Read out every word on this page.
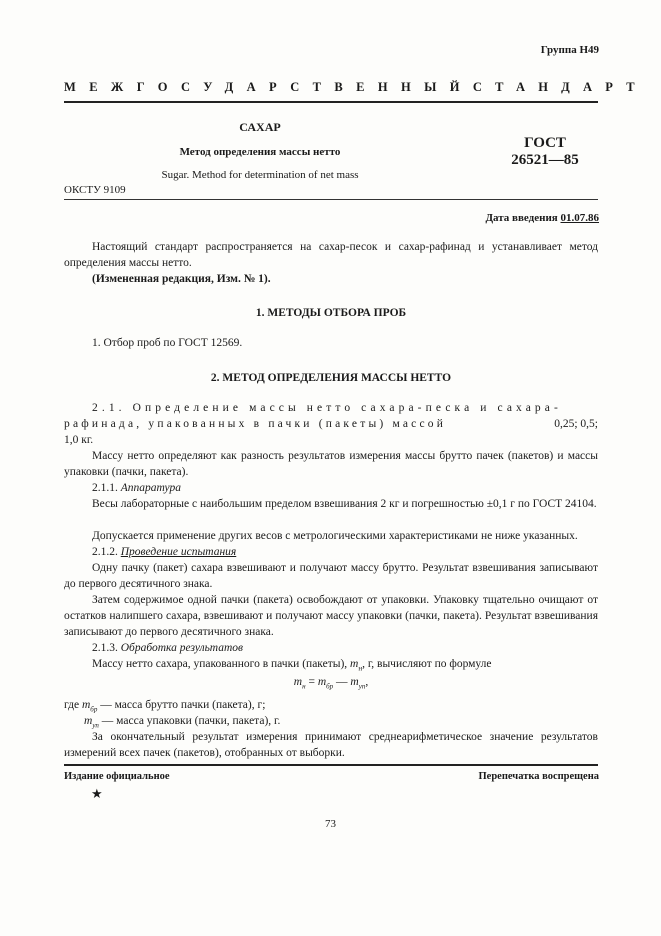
Группа Н49
МЕЖГОСУДАРСТВЕННЫЙ СТАНДАРТ
САХАР
Метод определения массы нетто
Sugar. Method for determination of net mass
ГОСТ
26521—85
ОКСТУ 9109
Дата введения 01.07.86
Настоящий стандарт распространяется на сахар-песок и сахар-рафинад и устанавливает метод определения массы нетто.
(Измененная редакция, Изм. № 1).
1. МЕТОДЫ ОТБОРА ПРОБ
1. Отбор проб по ГОСТ 12569.
2. МЕТОД ОПРЕДЕЛЕНИЯ МАССЫ НЕТТО
2.1. Определение массы нетто сахара-песка и сахара-
рафинада, упакованных в пачки (пакеты) массой	0,25; 0,5;
1,0 кг.
Массу нетто определяют как разность результатов измерения массы брутто пачек (пакетов) и массы упаковки (пачки, пакета).
2.1.1. Аппаратура
Весы лабораторные с наибольшим пределом взвешивания 2 кг и погрешностью ±0,1 г по ГОСТ 24104.
Допускается применение других весов с метрологическими характеристиками не ниже указанных.
2.1.2. Проведение испытания
Одну пачку (пакет) сахара взвешивают и получают массу брутто. Результат взвешивания записывают до первого десятичного знака.
Затем содержимое одной пачки (пакета) освобождают от упаковки. Упаковку тщательно очищают от остатков налипшего сахара, взвешивают и получают массу упаковки (пачки, пакета). Результат взвешивания записывают до первого десятичного знака.
2.1.3. Обработка результатов
Массу нетто сахара, упакованного в пачки (пакеты), $m_н$, г, вычисляют по формуле
$m_н = m_{бр}$ — $m_{уп}$,
где $m_{бр}$ — масса брутто пачки (пакета), г;
$m_{уп}$ — масса упаковки (пачки, пакета), г.
За окончательный результат измерения принимают среднеарифметическое значение результатов измерений всех пачек (пакетов), отобранных от выборки.
73
Издание официальное	Перепечатка воспрещена
★
